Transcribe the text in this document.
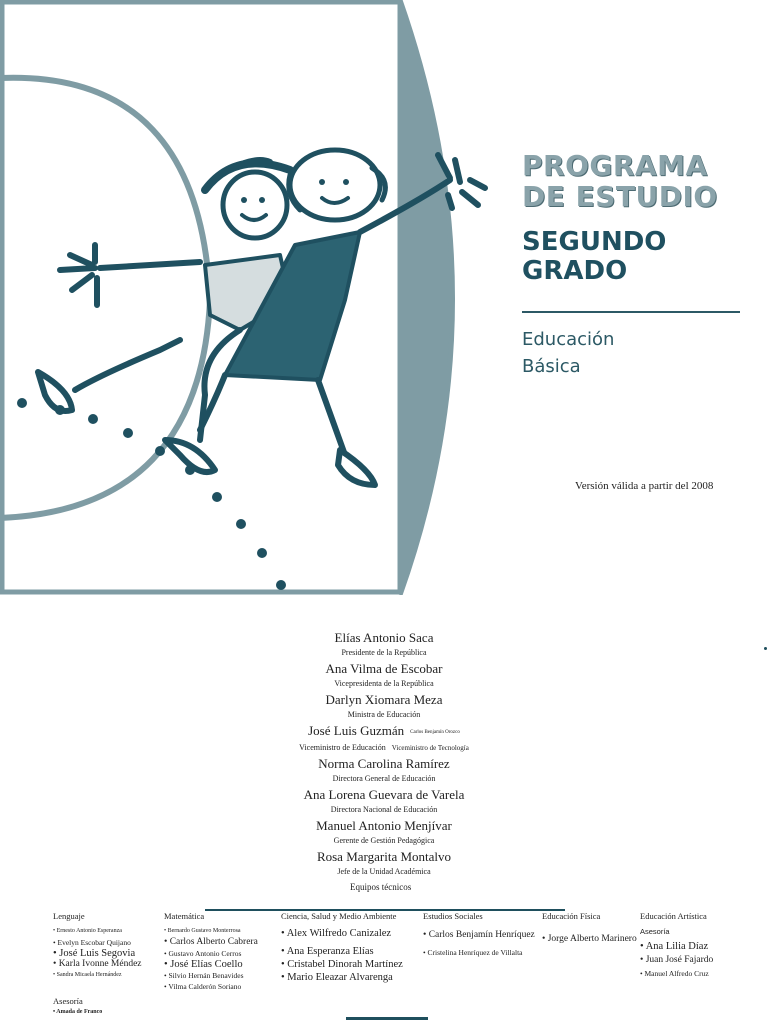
PROGRAMA
DE ESTUDIO
SEGUNDO
GRADO
Educación
Básica
Versión válida a partir del 2008
Elías Antonio Saca
Presidente de la República
Ana Vilma de Escobar
Vicepresidenta de la República
Darlyn Xiomara Meza
Ministra de Educación
José Luis Guzmán Carlos Benjamín Orozco
Viceministro de Educación Viceministro de Tecnología
Norma Carolina Ramírez
Directora General de Educación
Ana Lorena Guevara de Varela
Directora Nacional de Educación
Manuel Antonio Menjívar
Gerente de Gestión Pedagógica
Rosa Margarita Montalvo
Jefe de la Unidad Académica
Equipos técnicos
Lenguaje
• Ernesto Antonio Esperanza
• Evelyn Escobar Quijano
• José Luis Segovia
• Karla Ivonne Méndez
• Sandra Micaela Hernández
Asesoría
• Amada de Franco
Matemática
• Bernardo Gustavo Monterrosa
• Carlos Alberto Cabrera
• Gustavo Antonio Cerros
• José Elías Coello
• Silvio Hernán Benavides
• Vilma Calderón Soriano
Ciencia, Salud y Medio Ambiente
• Alex Wilfredo Canizalez
• Ana Esperanza Elías
• Cristabel Dinorah Martínez
• Mario Eleazar Alvarenga
Estudios Sociales
• Carlos Benjamín Henríquez
• Cristelina Henríquez de Villalta
Educación Física
• Jorge Alberto Marinero
Educación Artística
Asesoría
• Ana Lilia Díaz
• Juan José Fajardo
• Manuel Alfredo Cruz
